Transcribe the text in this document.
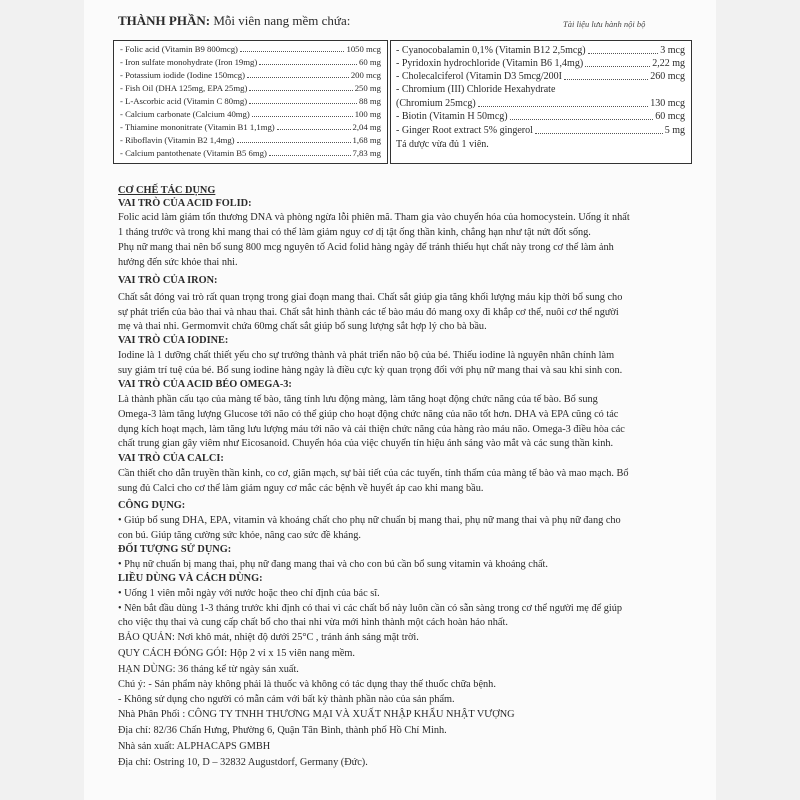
THÀNH PHẦN: Mỗi viên nang mềm chứa:	Tài liệu lưu hành nội bộ
- Folic acid (Vitamin B9 800mcg)	1050 mcg
- Iron sulfate monohydrate (Iron 19mg)	60 mg
- Potassium iodide (Iodine 150mcg)	200 mcg
- Fish Oil (DHA 125mg, EPA 25mg)	250 mg
- L-Ascorbic acid (Vitamin C 80mg)	88 mg
- Calcium carbonate (Calcium 40mg)	100 mg
- Thiamine mononitrate (Vitamin B1 1,1mg)	2,04 mg
- Riboflavin (Vitamin B2 1,4mg)	1,68 mg
- Calcium pantothenate (Vitamin B5 6mg)	7,83 mg
- Cyanocobalamin 0,1% (Vitamin B12 2,5mcg)	3 mcg
- Pyridoxin hydrochloride (Vitamin B6 1,4mg)	2,22 mg
- Cholecalciferol (Vitamin D3 5mcg/200I	260 mcg
- Chromium (III) Chloride Hexahydrate
(Chromium 25mcg)	130 mcg
- Biotin (Vitamin H 50mcg)	60 mcg
- Ginger Root extract 5% gingerol	5 mg
Tá dược vừa đủ 1 viên.
CƠ CHẾ TÁC DỤNG
VAI TRÒ CỦA ACID FOLID:
Folic acid làm giảm tổn thương DNA và phòng ngừa lỗi phiên mã. Tham gia vào chuyển hóa của homocystein. Uống ít nhất
1 tháng trước và trong khi mang thai có thể làm giảm nguy cơ dị tật ống thần kinh, chẳng hạn như tật nứt đốt sống.
Phụ nữ mang thai nên bổ sung 800 mcg nguyên tố Acid folid hàng ngày để tránh thiếu hụt chất này trong cơ thể làm ảnh
hưởng đến sức khỏe thai nhi.
VAI TRÒ CỦA IRON:
Chất sắt đóng vai trò rất quan trọng trong giai đoạn mang thai. Chất sắt giúp gia tăng khối lượng máu kịp thời bổ sung cho
sự phát triển của bào thai và nhau thai. Chất sắt hình thành các tế bào máu đỏ mang oxy đi khắp cơ thể, nuôi cơ thể người
mẹ và thai nhi. Germomvit chứa 60mg chất sắt giúp bổ sung lượng sắt hợp lý cho bà bầu.
VAI TRÒ CỦA IODINE:
Iodine là 1 dưỡng chất thiết yếu cho sự trưởng thành và phát triển não bộ của bé. Thiếu iodine là nguyên nhân chính làm
suy giảm trí tuệ của bé. Bổ sung iodine hàng ngày là điều cực kỳ quan trọng đối với phụ nữ mang thai và sau khi sinh con.
VAI TRÒ CỦA ACID BÉO OMEGA-3:
Là thành phần cấu tạo của màng tế bào, tăng tính lưu động màng, làm tăng hoạt động chức năng của tế bào. Bổ sung
Omega-3 làm tăng lượng Glucose tới não có thể giúp cho hoạt động chức năng của não tốt hơn. DHA và EPA cũng có tác
dụng kích hoạt mạch, làm tăng lưu lượng máu tới não và cải thiện chức năng của hàng rào máu não. Omega-3 điều hòa các
chất trung gian gây viêm như Eicosanoid. Chuyển hóa của việc chuyển tín hiệu ánh sáng vào mắt và các sung thần kinh.
VAI TRÒ CỦA CALCI:
Cần thiết cho dẫn truyền thần kinh, co cơ, giãn mạch, sự bài tiết của các tuyến, tính thấm của màng tế bào và mao mạch. Bổ
sung đủ Calci cho cơ thể làm giảm nguy cơ mắc các bệnh về huyết áp cao khi mang bầu.
CÔNG DỤNG:
• Giúp bổ sung DHA, EPA, vitamin và khoáng chất cho phụ nữ chuẩn bị mang thai, phụ nữ mang thai và phụ nữ đang cho
con bú. Giúp tăng cường sức khỏe, nâng cao sức đề kháng.
ĐỐI TƯỢNG SỬ DỤNG:
• Phụ nữ chuẩn bị mang thai, phụ nữ đang mang thai và cho con bú cần bổ sung vitamin và khoáng chất.
LIỀU DÙNG VÀ CÁCH DÙNG:
• Uống 1 viên mỗi ngày với nước hoặc theo chỉ định của bác sĩ.
• Nên bắt đầu dùng 1-3 tháng trước khi định có thai vì các chất bổ này luôn cần có sẵn sàng trong cơ thể người mẹ để giúp
cho việc thụ thai và cung cấp chất bổ cho thai nhi vừa mới hình thành một cách hoàn hảo nhất.
BẢO QUẢN: Nơi khô mát, nhiệt độ dưới 25°C , tránh ánh sáng mặt trời.
QUY CÁCH ĐÓNG GÓI: Hộp 2 vỉ x 15 viên nang mềm.
HẠN DÙNG: 36 tháng kể từ ngày sản xuất.
Chú ý: - Sản phẩm này không phải là thuốc và không có tác dụng thay thế thuốc chữa bệnh.
- Không sử dụng cho người có mẫn cảm với bất kỳ thành phần nào của sản phẩm.
Nhà Phân Phối : CÔNG TY TNHH THƯƠNG MẠI VÀ XUẤT NHẬP KHẨU NHẬT VƯỢNG
Địa chỉ: 82/36 Chấn Hưng, Phường 6, Quận Tân Bình, thành phố Hồ Chí Minh.
Nhà sản xuất: ALPHACAPS GMBH
Địa chỉ: Ostring 10, D – 32832 Augustdorf, Germany (Đức).
